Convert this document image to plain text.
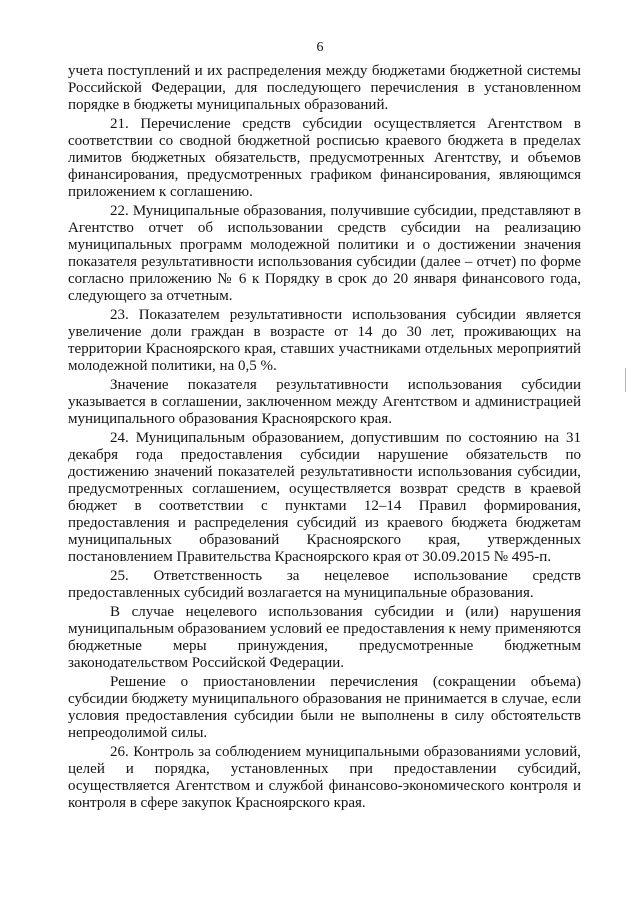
6

учета поступлений и их распределения между бюджетами бюджетной системы Российской Федерации, для последующего перечисления в установленном порядке в бюджеты муниципальных образований.

21. Перечисление средств субсидии осуществляется Агентством в соответствии со сводной бюджетной росписью краевого бюджета в пределах лимитов бюджетных обязательств, предусмотренных Агентству, и объемов финансирования, предусмотренных графиком финансирования, являющимся приложением к соглашению.

22. Муниципальные образования, получившие субсидии, представляют в Агентство отчет об использовании средств субсидии на реализацию муниципальных программ молодежной политики и о достижении значения показателя результативности использования субсидии (далее – отчет) по форме согласно приложению № 6 к Порядку в срок до 20 января финансового года, следующего за отчетным.

23. Показателем результативности использования субсидии является увеличение доли граждан в возрасте от 14 до 30 лет, проживающих на территории Красноярского края, ставших участниками отдельных мероприятий молодежной политики, на 0,5 %.

Значение показателя результативности использования субсидии указывается в соглашении, заключенном между Агентством и администрацией муниципального образования Красноярского края.

24. Муниципальным образованием, допустившим по состоянию на 31 декабря года предоставления субсидии нарушение обязательств по достижению значений показателей результативности использования субсидии, предусмотренных соглашением, осуществляется возврат средств в краевой бюджет в соответствии с пунктами 12–14 Правил формирования, предоставления и распределения субсидий из краевого бюджета бюджетам муниципальных образований Красноярского края, утвержденных постановлением Правительства Красноярского края от 30.09.2015 № 495-п.

25. Ответственность за нецелевое использование средств предоставленных субсидий возлагается на муниципальные образования.

В случае нецелевого использования субсидии и (или) нарушения муниципальным образованием условий ее предоставления к нему применяются бюджетные меры принуждения, предусмотренные бюджетным законодательством Российской Федерации.

Решение о приостановлении перечисления (сокращении объема) субсидии бюджету муниципального образования не принимается в случае, если условия предоставления субсидии были не выполнены в силу обстоятельств непреодолимой силы.

26. Контроль за соблюдением муниципальными образованиями условий, целей и порядка, установленных при предоставлении субсидий, осуществляется Агентством и службой финансово-экономического контроля и контроля в сфере закупок Красноярского края.
